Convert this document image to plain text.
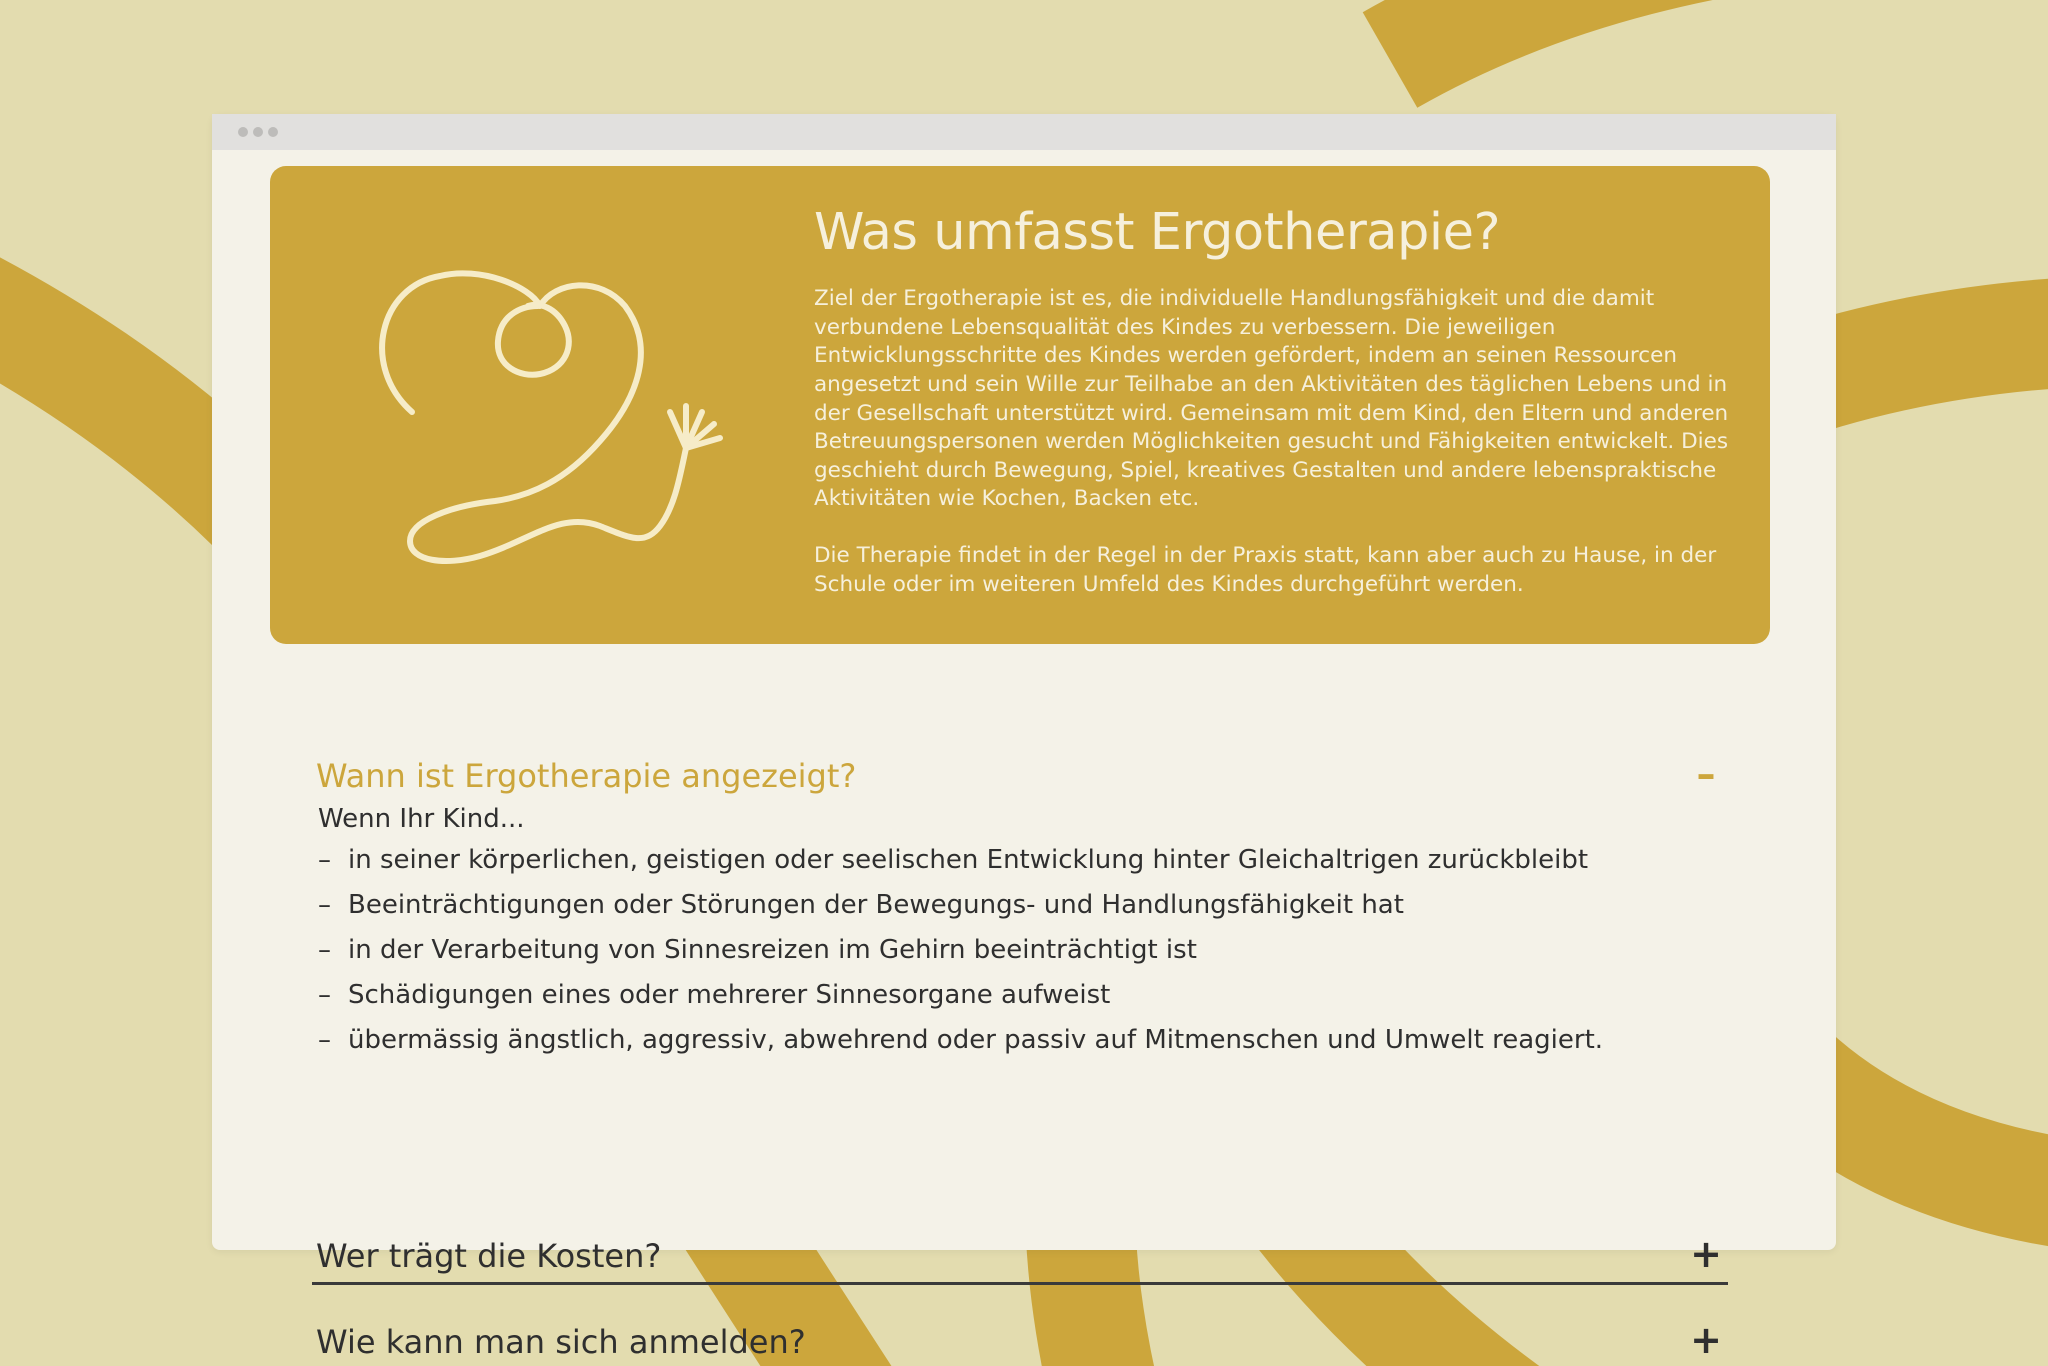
Was umfasst Ergotherapie?

Ziel der Ergotherapie ist es, die individuelle Handlungsfähigkeit und die damit verbundene Lebensqualität des Kindes zu verbessern. Die jeweiligen Entwicklungsschritte des Kindes werden gefördert, indem an seinen Ressourcen angesetzt und sein Wille zur Teilhabe an den Aktivitäten des täglichen Lebens und in der Gesellschaft unterstützt wird. Gemeinsam mit dem Kind, den Eltern und anderen Betreuungspersonen werden Möglichkeiten gesucht und Fähigkeiten entwickelt. Dies geschieht durch Bewegung, Spiel, kreatives Gestalten und andere lebenspraktische Aktivitäten wie Kochen, Backen etc.

Die Therapie findet in der Regel in der Praxis statt, kann aber auch zu Hause, in der Schule oder im weiteren Umfeld des Kindes durchgeführt werden.

Wann ist Ergotherapie angezeigt?	–

Wenn Ihr Kind...

– in seiner körperlichen, geistigen oder seelischen Entwicklung hinter Gleichaltrigen zurückbleibt
– Beeinträchtigungen oder Störungen der Bewegungs- und Handlungsfähigkeit hat
– in der Verarbeitung von Sinnesreizen im Gehirn beeinträchtigt ist
– Schädigungen eines oder mehrerer Sinnesorgane aufweist
– übermässig ängstlich, aggressiv, abwehrend oder passiv auf Mitmenschen und Umwelt reagiert.
Wer trägt die Kosten?	+
Wie kann man sich anmelden?	+
